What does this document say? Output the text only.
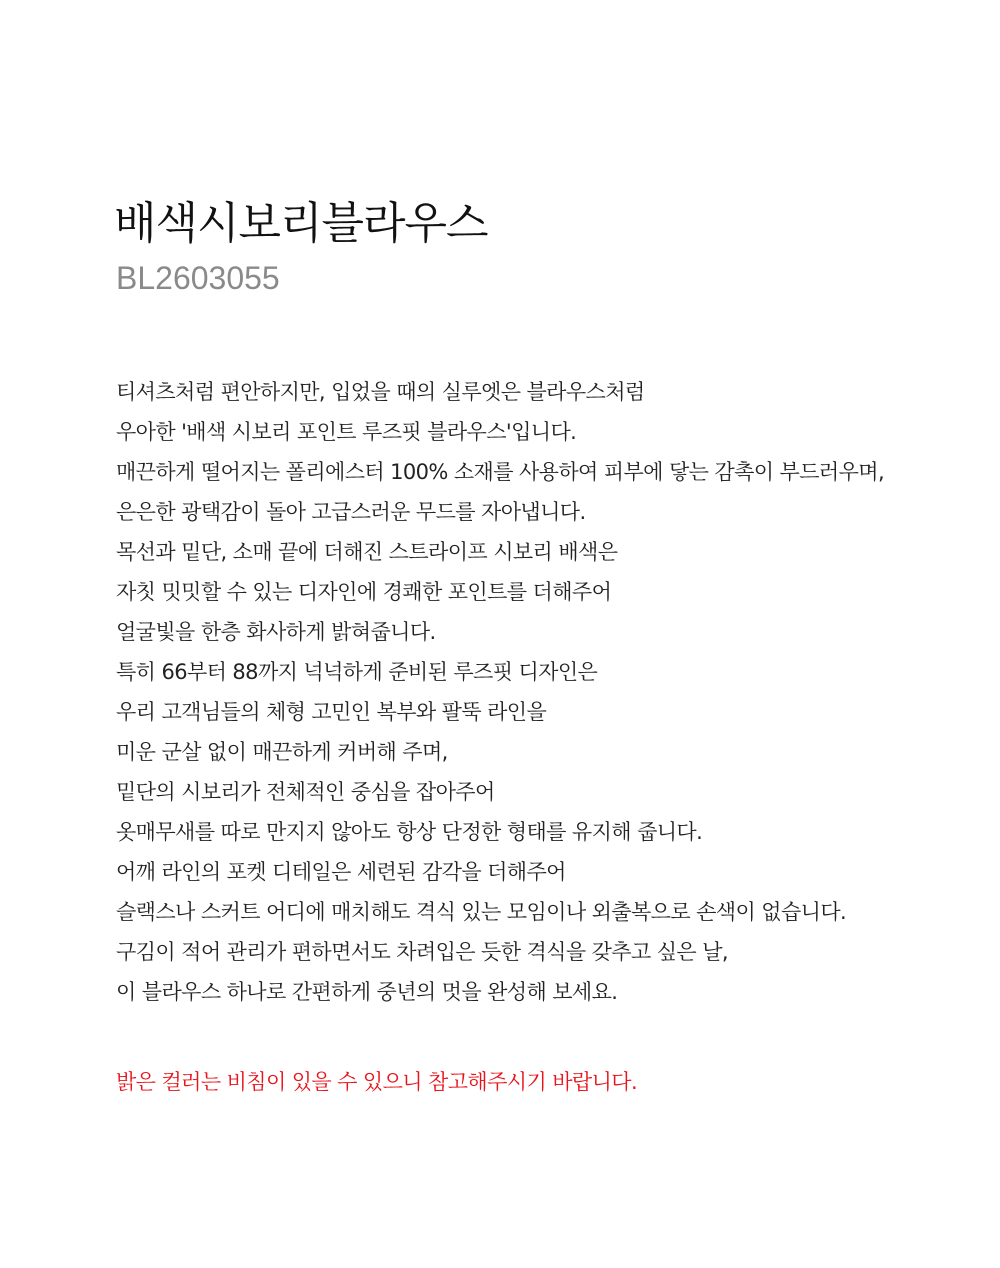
배색시보리블라우스

BL2603055

티셔츠처럼 편안하지만, 입었을 때의 실루엣은 블라우스처럼
우아한 '배색 시보리 포인트 루즈핏 블라우스'입니다.
매끈하게 떨어지는 폴리에스터 100% 소재를 사용하여 피부에 닿는 감촉이 부드러우며,
은은한 광택감이 돌아 고급스러운 무드를 자아냅니다.
목선과 밑단, 소매 끝에 더해진 스트라이프 시보리 배색은
자칫 밋밋할 수 있는 디자인에 경쾌한 포인트를 더해주어
얼굴빛을 한층 화사하게 밝혀줍니다.
특히 66부터 88까지 넉넉하게 준비된 루즈핏 디자인은
우리 고객님들의 체형 고민인 복부와 팔뚝 라인을
미운 군살 없이 매끈하게 커버해 주며,
밑단의 시보리가 전체적인 중심을 잡아주어
옷매무새를 따로 만지지 않아도 항상 단정한 형태를 유지해 줍니다.
어깨 라인의 포켓 디테일은 세련된 감각을 더해주어
슬랙스나 스커트 어디에 매치해도 격식 있는 모임이나 외출복으로 손색이 없습니다.
구김이 적어 관리가 편하면서도 차려입은 듯한 격식을 갖추고 싶은 날,
이 블라우스 하나로 간편하게 중년의 멋을 완성해 보세요.

밝은 컬러는 비침이 있을 수 있으니 참고해주시기 바랍니다.
